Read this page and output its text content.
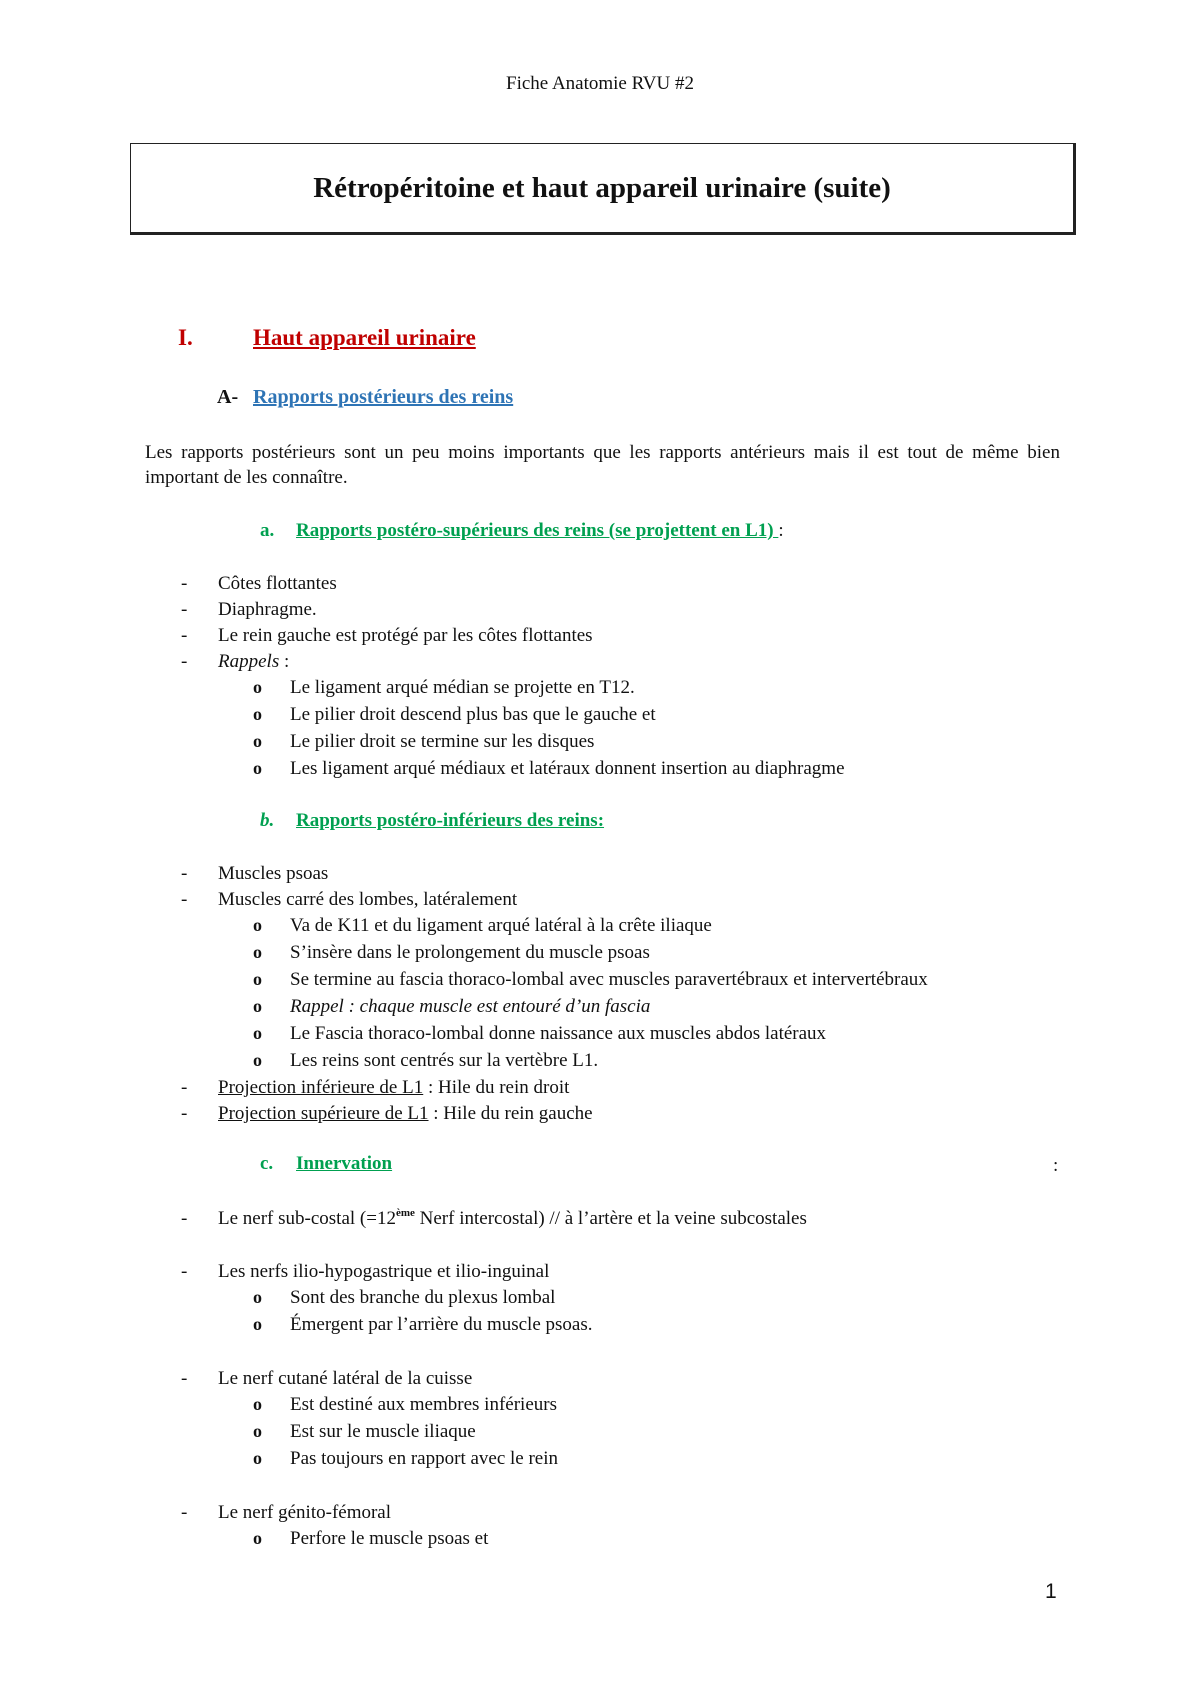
Fiche Anatomie RVU #2
Rétropéritoine et haut appareil urinaire (suite)
I.	Haut appareil urinaire
A- Rapports postérieurs des reins
Les rapports postérieurs sont un peu moins importants que les rapports antérieurs mais il est tout de même bien important de les connaître.
a. Rapports postéro-supérieurs des reins (se projettent en L1) :
- Côtes flottantes
- Diaphragme.
- Le rein gauche est protégé par les côtes flottantes
- Rappels :
o Le ligament arqué médian se projette en T12.
o Le pilier droit descend plus bas que le gauche et
o Le pilier droit se termine sur les disques
o Les ligament arqué médiaux et latéraux donnent insertion au diaphragme
b. Rapports postéro-inférieurs des reins:
- Muscles psoas
- Muscles carré des lombes, latéralement
o Va de K11 et du ligament arqué latéral à la crête iliaque
o S’insère dans le prolongement du muscle psoas
o Se termine au fascia thoraco-lombal avec muscles paravertébraux et intervertébraux
o Rappel : chaque muscle est entouré d’un fascia
o Le Fascia thoraco-lombal donne naissance aux muscles abdos latéraux
o Les reins sont centrés sur la vertèbre L1.
- Projection inférieure de L1 : Hile du rein droit
- Projection supérieure de L1 : Hile du rein gauche
c. Innervation	:
- Le nerf sub-costal (=12ème Nerf intercostal) // à l’artère et la veine subcostales
- Les nerfs ilio-hypogastrique et ilio-inguinal
o Sont des branche du plexus lombal
o Émergent par l’arrière du muscle psoas.
- Le nerf cutané latéral de la cuisse
o Est destiné aux membres inférieurs
o Est sur le muscle iliaque
o Pas toujours en rapport avec le rein
- Le nerf génito-fémoral
o Perfore le muscle psoas et
1
